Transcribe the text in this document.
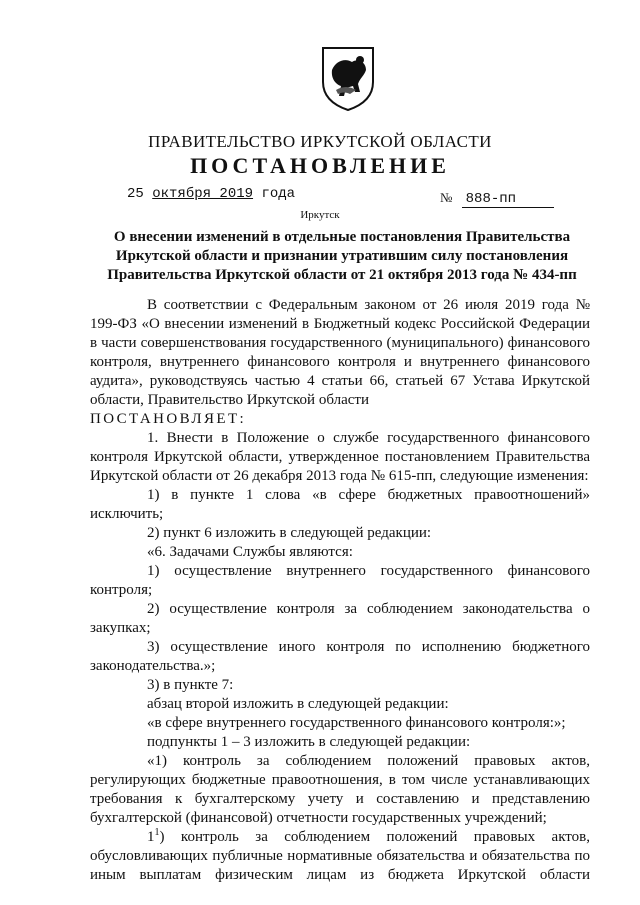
ПРАВИТЕЛЬСТВО ИРКУТСКОЙ ОБЛАСТИ
ПОСТАНОВЛЕНИЕ
25 октября 2019 года	№ 888-пп
Иркутск
О внесении изменений в отдельные постановления Правительства Иркутской области и признании утратившим силу постановления Правительства Иркутской области от 21 октября 2013 года № 434-пп

В соответствии с Федеральным законом от 26 июля 2019 года № 199-ФЗ «О внесении изменений в Бюджетный кодекс Российской Федерации в части совершенствования государственного (муниципального) финансового контроля, внутреннего финансового контроля и внутреннего финансового аудита», руководствуясь частью 4 статьи 66, статьей 67 Устава Иркутской области, Правительство Иркутской области

ПОСТАНОВЛЯЕТ:

1. Внести в Положение о службе государственного финансового контроля Иркутской области, утвержденное постановлением Правительства Иркутской области от 26 декабря 2013 года № 615-пп, следующие изменения:

1) в пункте 1 слова «в сфере бюджетных правоотношений» исключить;

2) пункт 6 изложить в следующей редакции:

«6. Задачами Службы являются:

1) осуществление внутреннего государственного финансового контроля;

2) осуществление контроля за соблюдением законодательства о закупках;

3) осуществление иного контроля по исполнению бюджетного законодательства.»;

3) в пункте 7:

абзац второй изложить в следующей редакции:

«в сфере внутреннего государственного финансового контроля:»;

подпункты 1 – 3 изложить в следующей редакции:

«1) контроль за соблюдением положений правовых актов, регулирующих бюджетные правоотношения, в том числе устанавливающих требования к бухгалтерскому учету и составлению и представлению бухгалтерской (финансовой) отчетности государственных учреждений;

$1^1$) контроль за соблюдением положений правовых актов, обусловливающих публичные нормативные обязательства и обязательства по иным выплатам физическим лицам из бюджета Иркутской области
